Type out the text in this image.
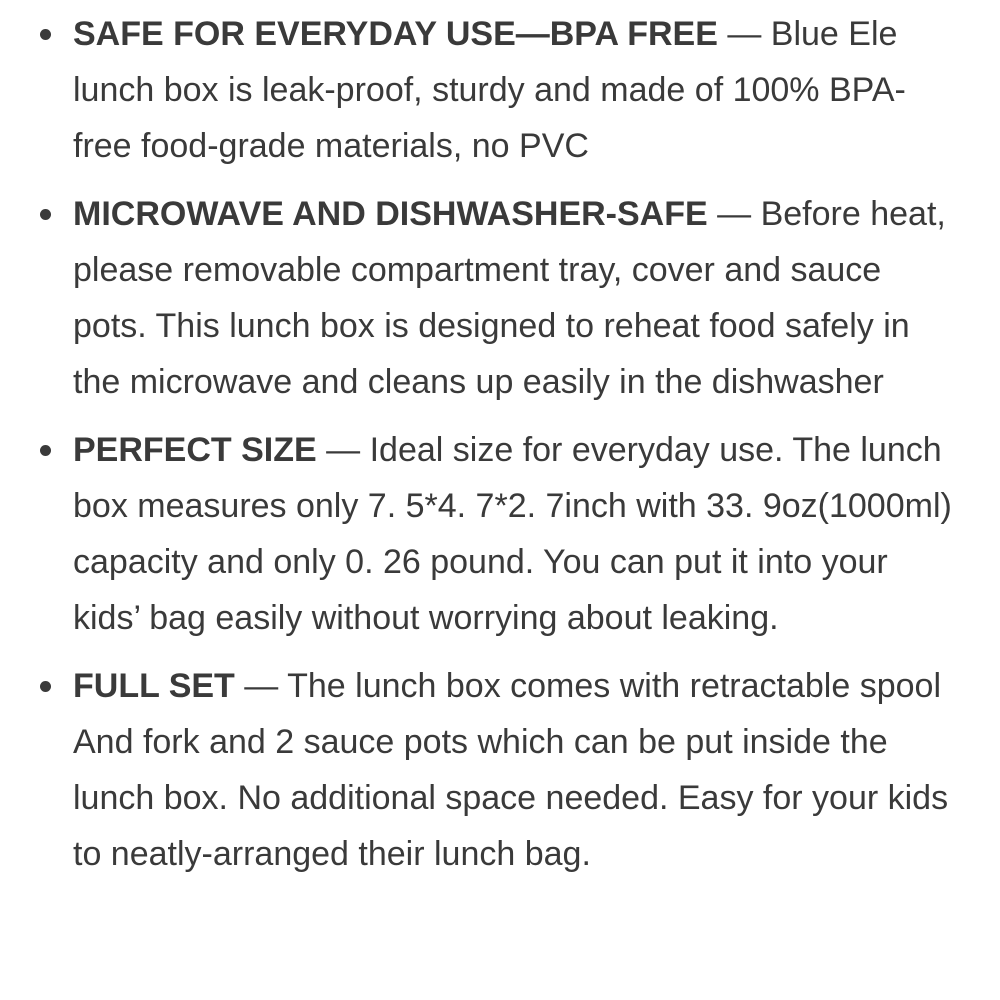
SAFE FOR EVERYDAY USE—BPA FREE — Blue Ele lunch box is leak-proof, sturdy and made of 100% BPA-free food-grade materials, no PVC
MICROWAVE AND DISHWASHER-SAFE — Before heat, please removable compartment tray, cover and sauce pots. This lunch box is designed to reheat food safely in the microwave and cleans up easily in the dishwasher
PERFECT SIZE — Ideal size for everyday use. The lunch box measures only 7. 5*4. 7*2. 7inch with 33. 9oz(1000ml) capacity and only 0. 26 pound. You can put it into your kids’ bag easily without worrying about leaking.
FULL SET — The lunch box comes with retractable spool And fork and 2 sauce pots which can be put inside the lunch box. No additional space needed. Easy for your kids to neatly-arranged their lunch bag.
